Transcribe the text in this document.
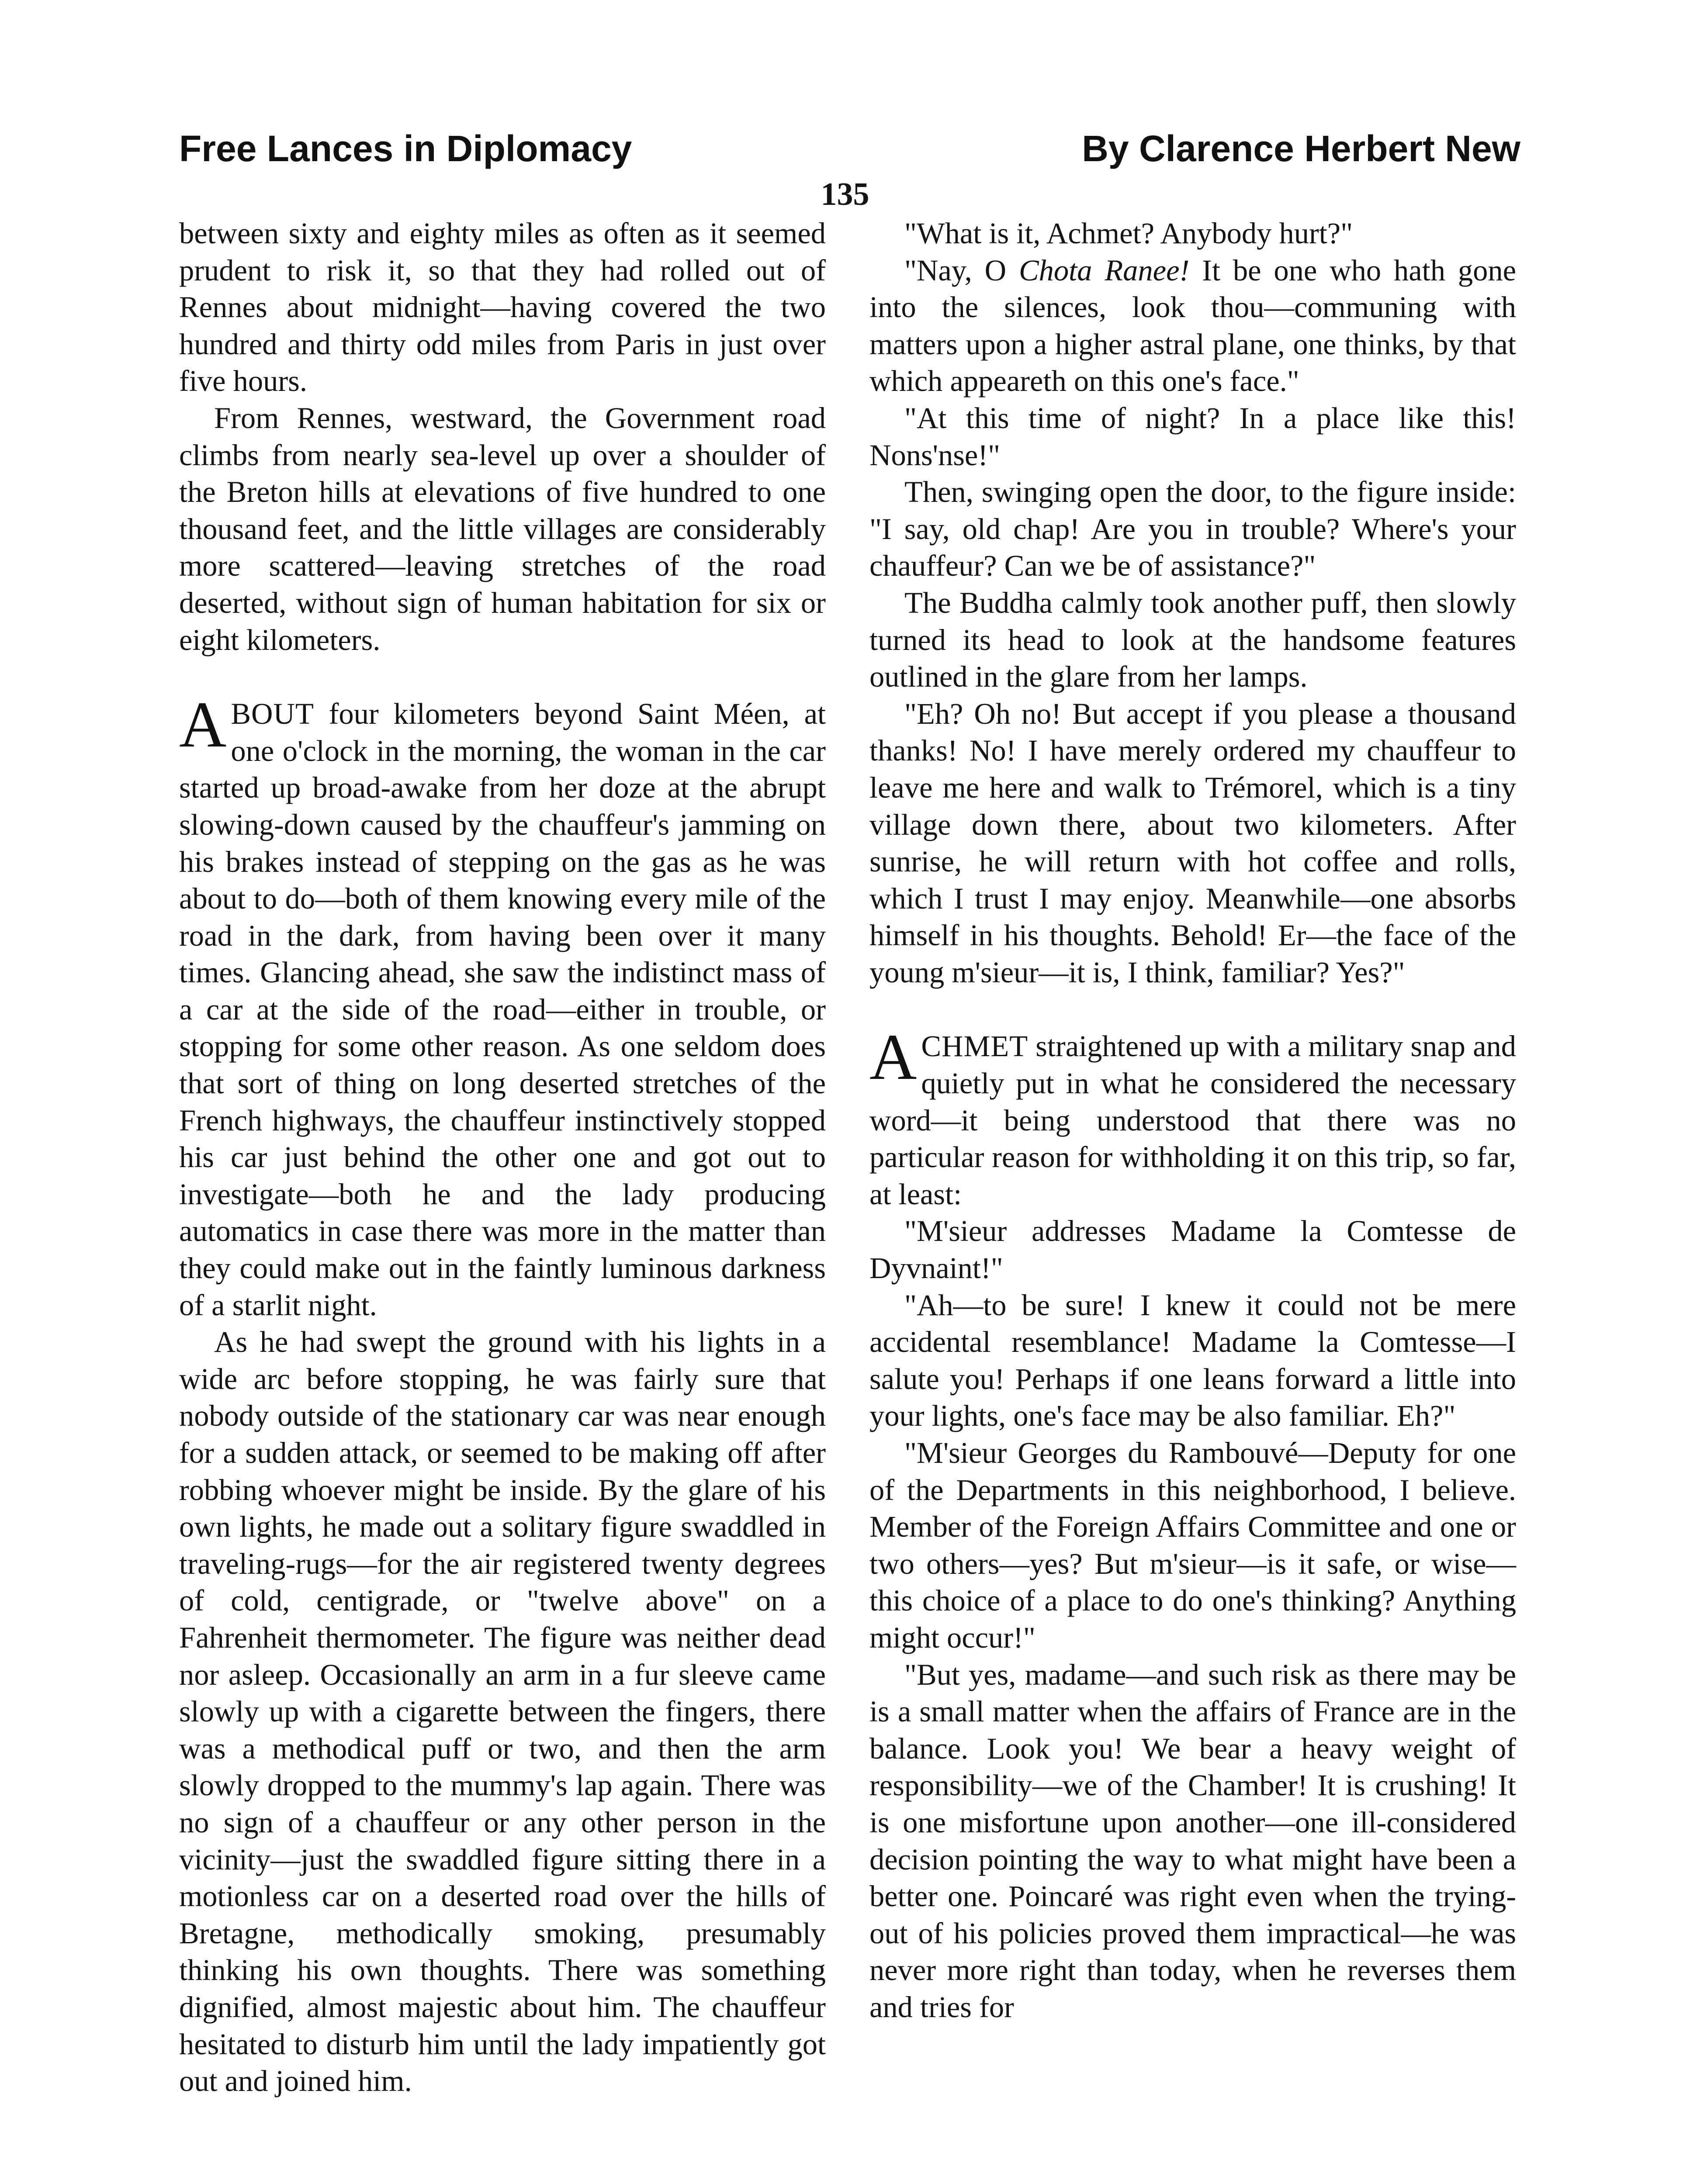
Free Lances in Diplomacy	By Clarence Herbert New
135

between sixty and eighty miles as often as it seemed prudent to risk it, so that they had rolled out of Rennes about midnight—having covered the two hundred and thirty odd miles from Paris in just over five hours.

From Rennes, westward, the Government road climbs from nearly sea-level up over a shoulder of the Breton hills at elevations of five hundred to one thousand feet, and the little villages are considerably more scattered—leaving stretches of the road deserted, without sign of human habitation for six or eight kilometers.

ABOUT four kilometers beyond Saint Méen, at one o'clock in the morning, the woman in the car started up broad-awake from her doze at the abrupt slowing-down caused by the chauffeur's jamming on his brakes instead of stepping on the gas as he was about to do—both of them knowing every mile of the road in the dark, from having been over it many times. Glancing ahead, she saw the indistinct mass of a car at the side of the road—either in trouble, or stopping for some other reason. As one seldom does that sort of thing on long deserted stretches of the French highways, the chauffeur instinctively stopped his car just behind the other one and got out to investigate—both he and the lady producing automatics in case there was more in the matter than they could make out in the faintly luminous darkness of a starlit night.

As he had swept the ground with his lights in a wide arc before stopping, he was fairly sure that nobody outside of the stationary car was near enough for a sudden attack, or seemed to be making off after robbing whoever might be inside. By the glare of his own lights, he made out a solitary figure swaddled in traveling-rugs—for the air registered twenty degrees of cold, centigrade, or "twelve above" on a Fahrenheit thermometer. The figure was neither dead nor asleep. Occasionally an arm in a fur sleeve came slowly up with a cigarette between the fingers, there was a methodical puff or two, and then the arm slowly dropped to the mummy's lap again. There was no sign of a chauffeur or any other person in the vicinity—just the swaddled figure sitting there in a motionless car on a deserted road over the hills of Bretagne, methodically smoking, presumably thinking his own thoughts. There was something dignified, almost majestic about him. The chauffeur hesitated to disturb him until the lady impatiently got out and joined him.

"What is it, Achmet? Anybody hurt?"

"Nay, O Chota Ranee! It be one who hath gone into the silences, look thou—communing with matters upon a higher astral plane, one thinks, by that which appeareth on this one's face."

"At this time of night? In a place like this! Nons'nse!"

Then, swinging open the door, to the figure inside: "I say, old chap! Are you in trouble? Where's your chauffeur? Can we be of assistance?"

The Buddha calmly took another puff, then slowly turned its head to look at the handsome features outlined in the glare from her lamps.

"Eh? Oh no! But accept if you please a thousand thanks! No! I have merely ordered my chauffeur to leave me here and walk to Trémorel, which is a tiny village down there, about two kilometers. After sunrise, he will return with hot coffee and rolls, which I trust I may enjoy. Meanwhile—one absorbs himself in his thoughts. Behold! Er—the face of the young m'sieur—it is, I think, familiar? Yes?"

ACHMET straightened up with a military snap and quietly put in what he considered the necessary word—it being understood that there was no particular reason for withholding it on this trip, so far, at least:

"M'sieur addresses Madame la Comtesse de Dyvnaint!"

"Ah—to be sure! I knew it could not be mere accidental resemblance! Madame la Comtesse—I salute you! Perhaps if one leans forward a little into your lights, one's face may be also familiar. Eh?"

"M'sieur Georges du Rambouvé—Deputy for one of the Departments in this neighborhood, I believe. Member of the Foreign Affairs Committee and one or two others—yes? But m'sieur—is it safe, or wise—this choice of a place to do one's thinking? Anything might occur!"

"But yes, madame—and such risk as there may be is a small matter when the affairs of France are in the balance. Look you! We bear a heavy weight of responsibility—we of the Chamber! It is crushing! It is one misfortune upon another—one ill-considered decision pointing the way to what might have been a better one. Poincaré was right even when the trying-out of his policies proved them impractical—he was never more right than today, when he reverses them and tries for
